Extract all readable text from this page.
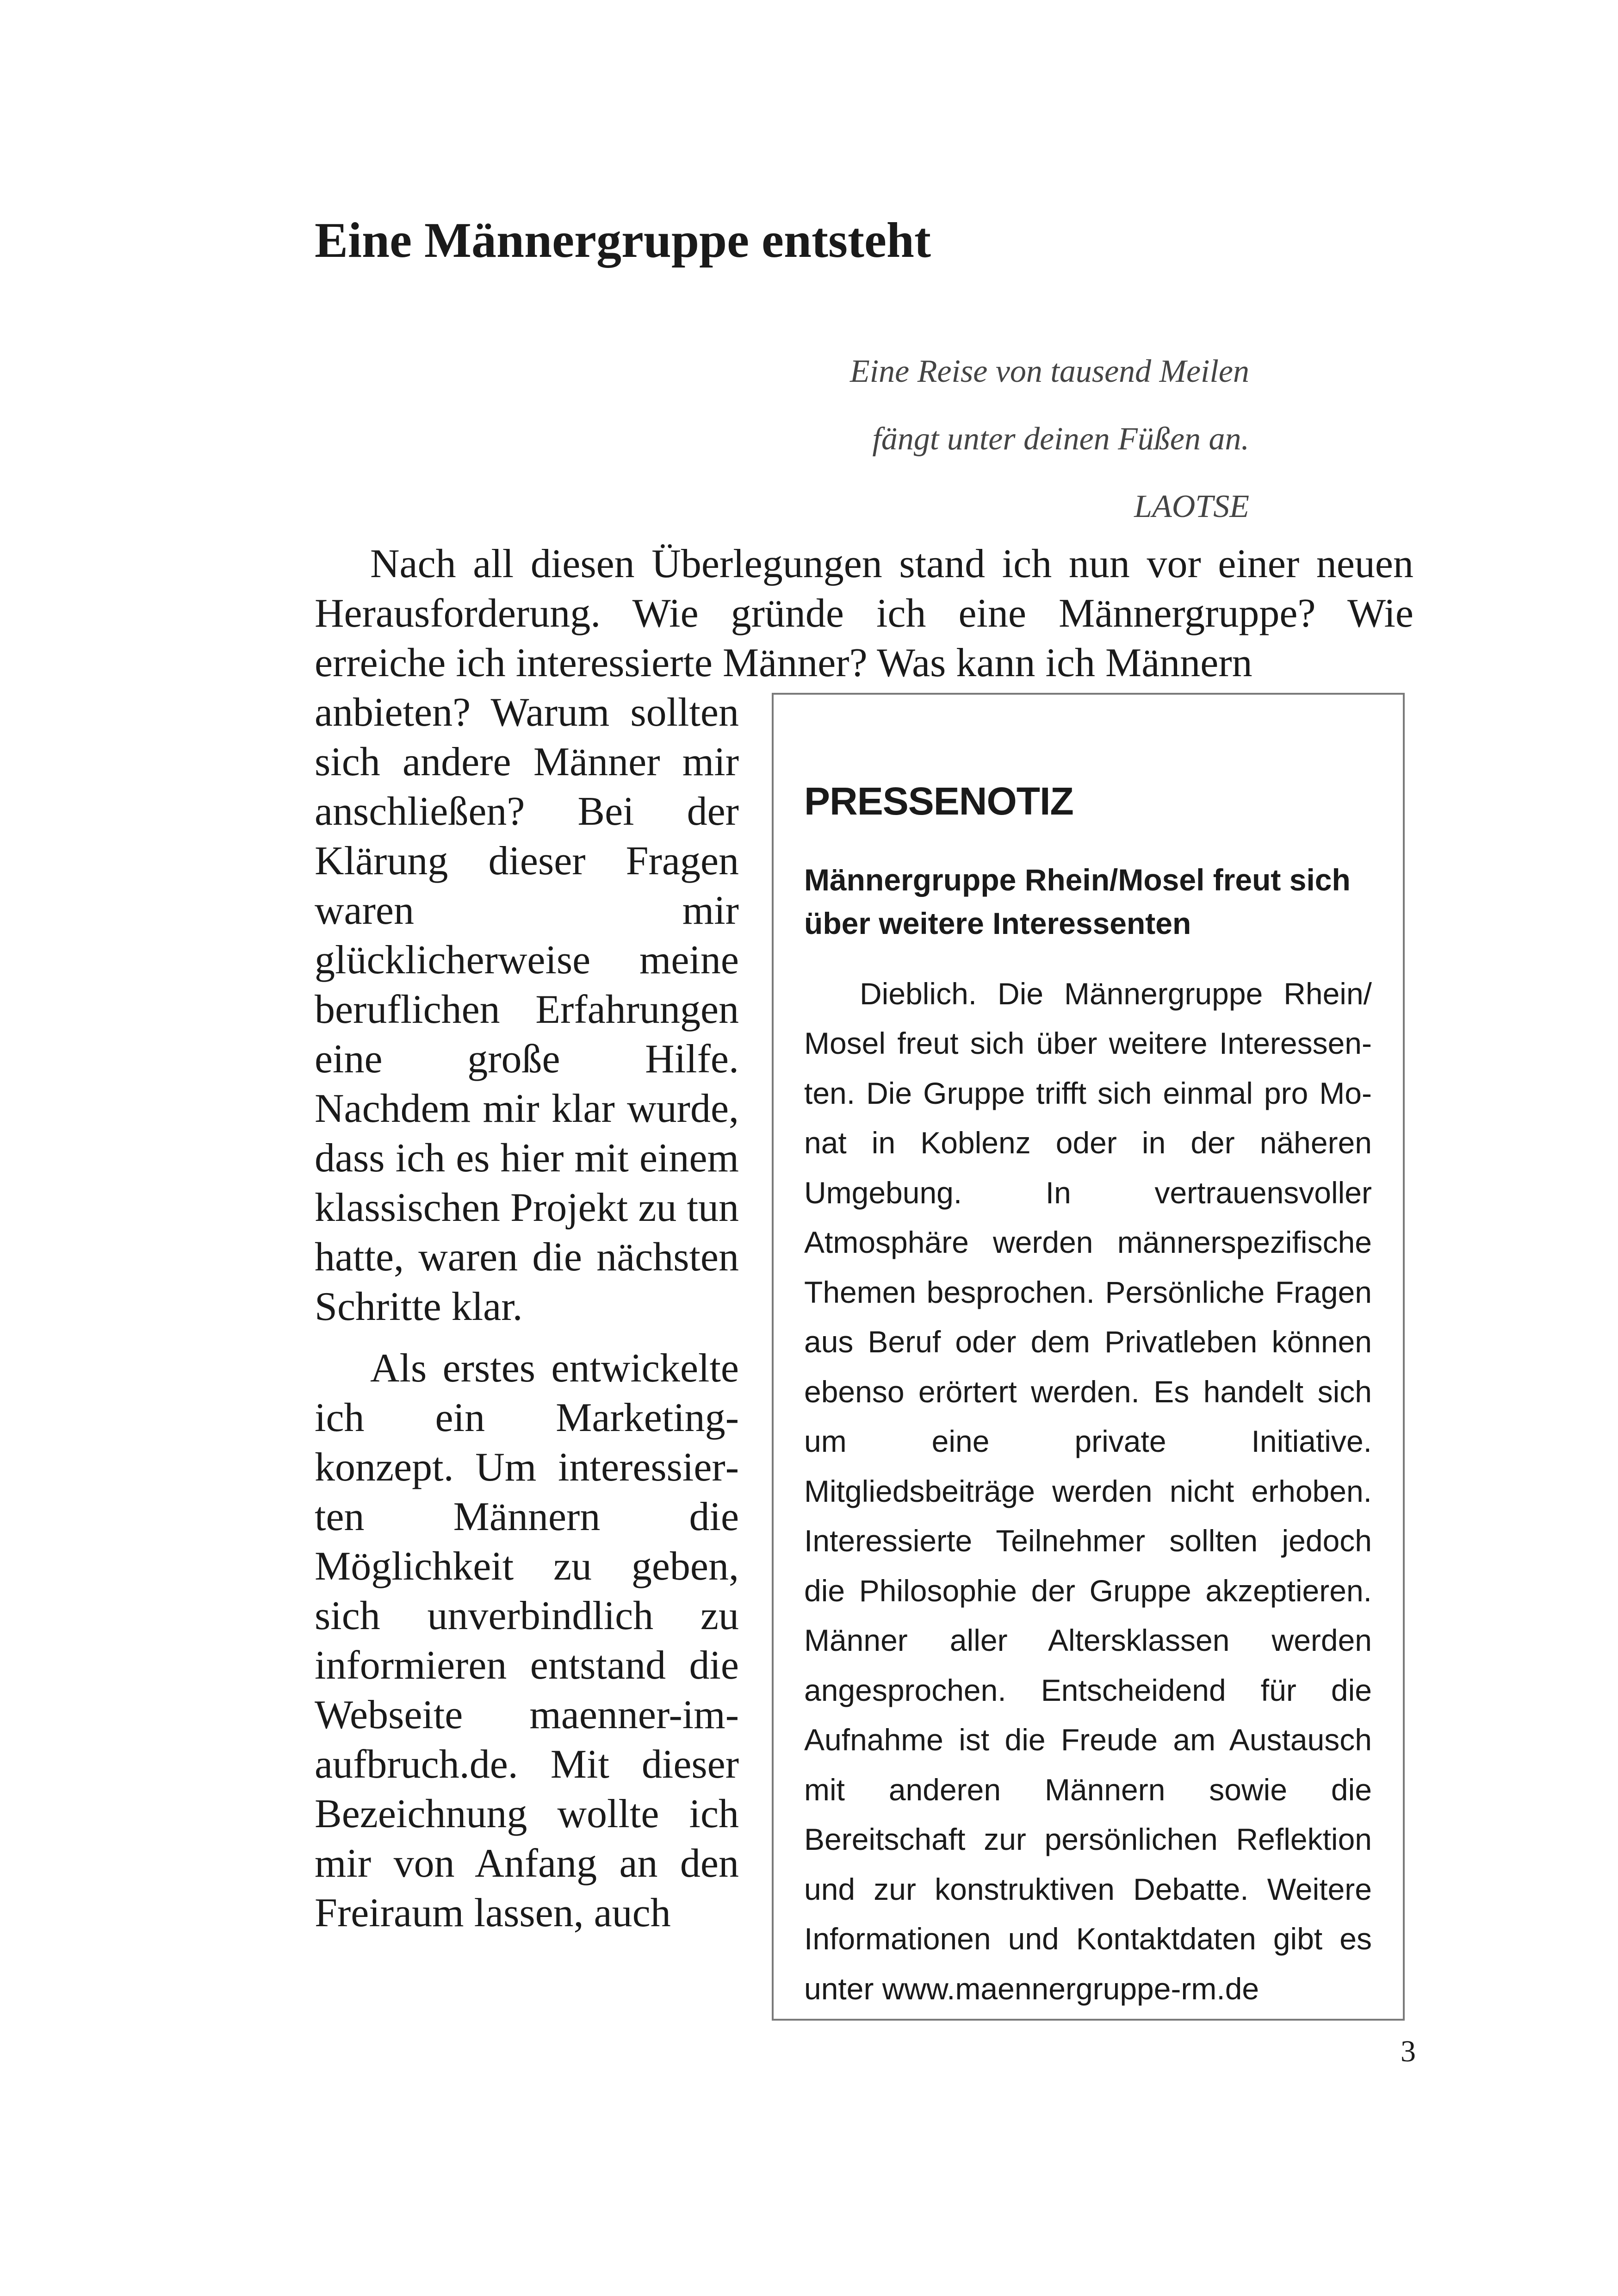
Eine Männergruppe entsteht
Eine Reise von tausend Meilen
fängt unter deinen Füßen an.
LAOTSE

Nach all diesen Überlegungen stand ich nun vor einer neuen Herausforderung. Wie gründe ich eine Männergruppe? Wie erreiche ich interessierte Männer? Was kann ich Männern

anbieten? Warum sollten sich andere Männer mir anschließen? Bei der Klärung dieser Fragen waren mir glücklicherweise meine beruflichen Erfahrungen eine große Hilfe. Nachdem mir klar wurde, dass ich es hier mit einem klassischen Projekt zu tun hatte, waren die nächsten Schritte klar.

Als erstes entwickelte ich ein Marketingkonzept. Um interessierten Männern die Möglichkeit zu geben, sich unverbindlich zu informieren entstand die Webseite maenner-im-aufbruch.de. Mit dieser Bezeichnung wollte ich mir von Anfang an den Freiraum lassen, auch

PRESSENOTIZ

Männergruppe Rhein/Mosel freut sich über weitere Interessenten

Dieblich. Die Männergruppe Rhein/ Mosel freut sich über weitere Interessenten. Die Gruppe trifft sich einmal pro Monat in Koblenz oder in der näheren Umgebung. In vertrauensvoller Atmosphäre werden männerspezifische Themen besprochen. Persönliche Fragen aus Beruf oder dem Privatleben können ebenso erörtert werden. Es handelt sich um eine private Initiative. Mitgliedsbeiträge werden nicht erhoben. Interessierte Teilnehmer sollten jedoch die Philosophie der Gruppe akzeptieren. Männer aller Altersklassen werden angesprochen. Entscheidend für die Aufnahme ist die Freude am Austausch mit anderen Männern sowie die Bereitschaft zur persönlichen Reflektion und zur konstruktiven Debatte. Weitere Informationen und Kontaktdaten gibt es unter www.maennergruppe-rm.de

3
